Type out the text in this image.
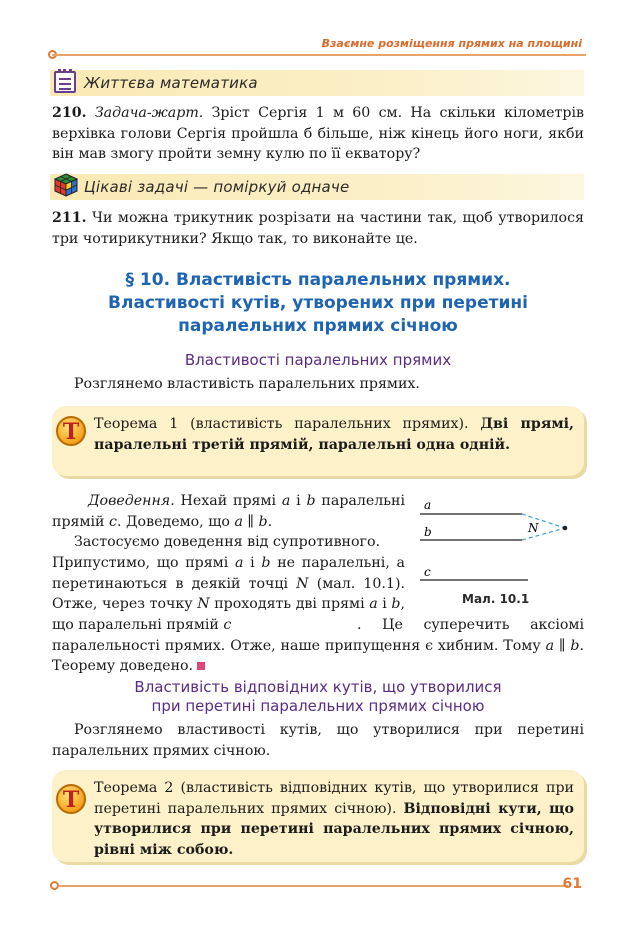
Взаємне розміщення прямих на площині
Життєва математика
210. Задача-жарт. Зріст Сергія 1 м 60 см. На скільки кілометрів верхівка голови Сергія пройшла б більше, ніж кінець його ноги, якби він мав змогу пройти земну кулю по її екватору?
Цікаві задачі — поміркуй одначе
211. Чи можна трикутник розрізати на частини так, щоб утворилося три чотирикутники? Якщо так, то виконайте це.
§ 10. Властивість паралельних прямих.
Властивості кутів, утворених при перетині
паралельних прямих січною
Властивості паралельних прямих
Розглянемо властивість паралельних прямих.
T	Теорема 1 (властивість паралельних прямих). Дві прямі, паралельні третій прямій, паралельні одна одній.
Доведення. Нехай прямі a і b паралельні прямій c. Доведемо, що a ∥ b.
Застосуємо доведення від супротивного.
Припустимо, що прямі a і b не паралельні, а перетинаються в деякій точці N (мал. 10.1). Отже, через точку N проходять дві прямі a і b, що паралельні прямій c	. Це суперечить аксіомі паралельності прямих. Отже, наше припущення є хибним. Тому a ∥ b. Теорему доведено.
a
b
c
N
Мал. 10.1
Властивість відповідних кутів, що утворилися
при перетині паралельних прямих січною
Розглянемо властивості кутів, що утворилися при перетині паралельних прямих січною.
T	Теорема 2 (властивість відповідних кутів, що утворилися при перетині паралельних прямих січною). Відповідні кути, що утворилися при перетині паралельних прямих січною, рівні між собою.
61
